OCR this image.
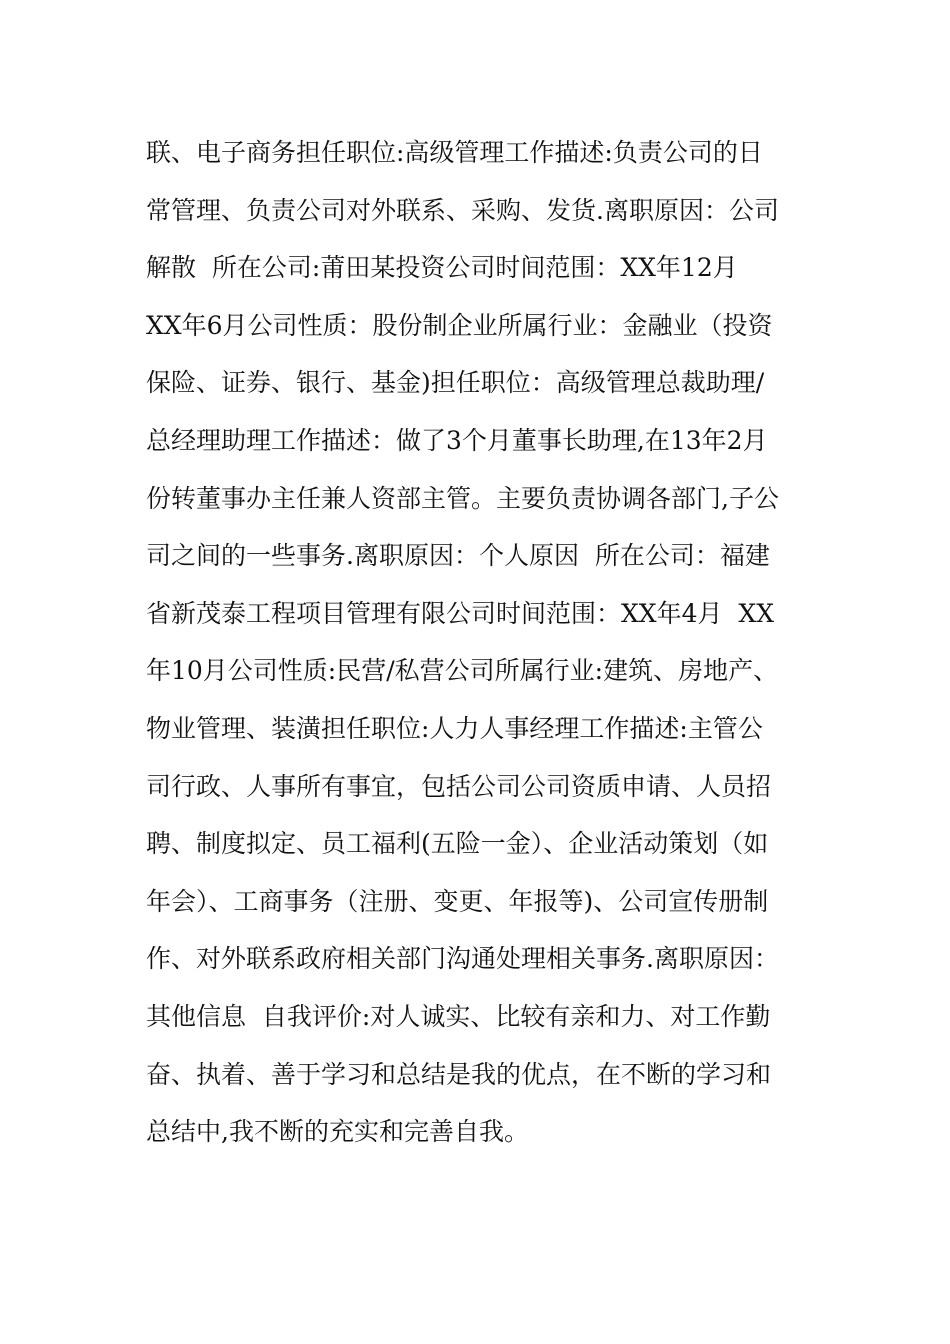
联、电子商务担任职位:高级管理工作描述:负责公司的日
常管理、负责公司对外联系、采购、发货.离职原因：公司
解散  所在公司:莆田某投资公司时间范围：XX年12月
XX年6月公司性质：股份制企业所属行业：金融业（投资
保险、证券、银行、基金)担任职位：高级管理总裁助理/
总经理助理工作描述：做了3个月董事长助理,在13年2月
份转董事办主任兼人资部主管。主要负责协调各部门,子公
司之间的一些事务.离职原因：个人原因  所在公司：福建
省新茂泰工程项目管理有限公司时间范围：XX年4月  XX
年10月公司性质:民营/私营公司所属行业:建筑、房地产、
物业管理、装潢担任职位:人力人事经理工作描述:主管公
司行政、人事所有事宜，包括公司公司资质申请、人员招
聘、制度拟定、员工福利(五险一金）、企业活动策划（如
年会）、工商事务（注册、变更、年报等)、公司宣传册制
作、对外联系政府相关部门沟通处理相关事务.离职原因：
其他信息  自我评价:对人诚实、比较有亲和力、对工作勤
奋、执着、善于学习和总结是我的优点，在不断的学习和
总结中,我不断的充实和完善自我。
